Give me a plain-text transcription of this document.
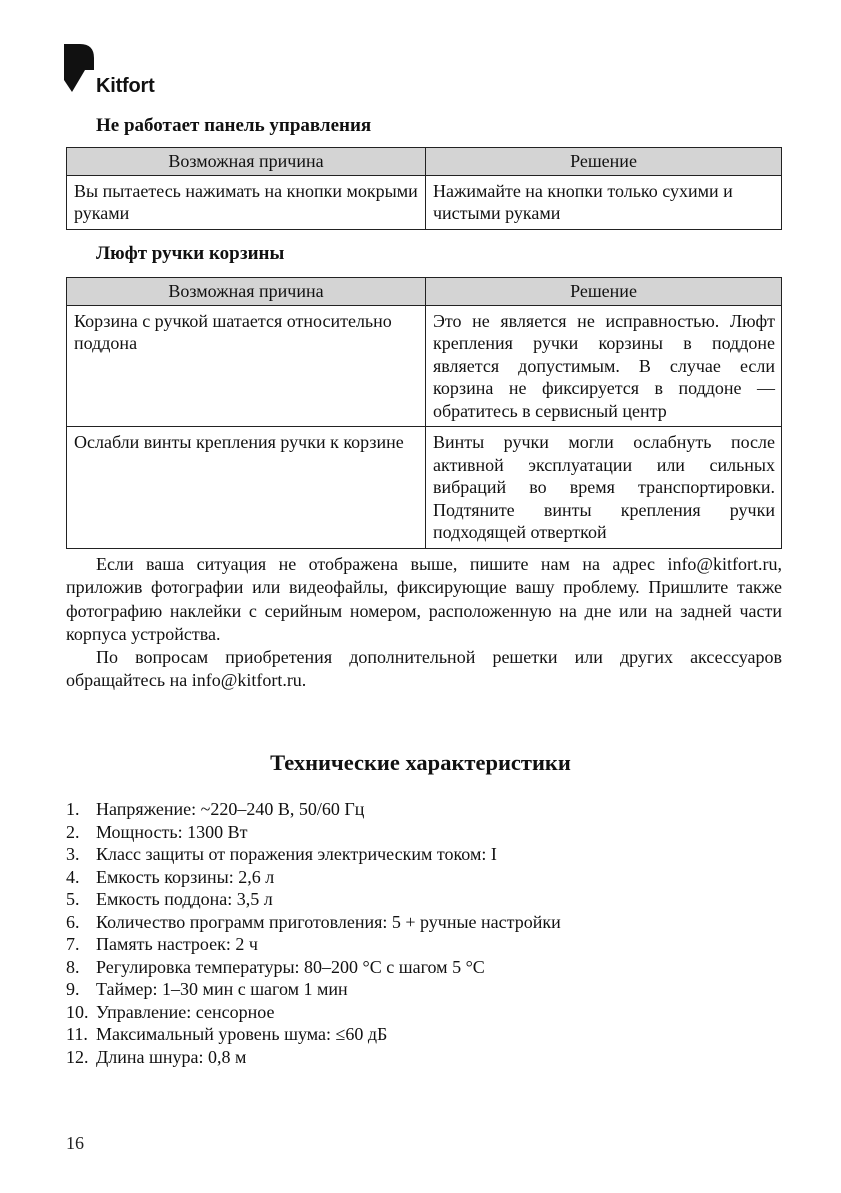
Kitfort
Не работает панель управления
Возможная причина	Решение
Вы пытаетесь нажимать на кнопки мокрыми руками	Нажимайте на кнопки только сухими и чистыми руками
Люфт ручки корзины
Возможная причина	Решение
Корзина с ручкой шатается относительно поддона	Это не является не исправностью. Люфт крепления ручки корзины в поддоне является допустимым. В случае если корзина не фиксируется в поддоне — обратитесь в сервисный центр
Ослабли винты крепления ручки к корзине	Винты ручки могли ослабнуть после активной эксплуатации или сильных вибраций во время транспортировки. Подтяните винты крепления ручки подходящей отверткой

Если ваша ситуация не отображена выше, пишите нам на адрес info@kitfort.ru, приложив фотографии или видеофайлы, фиксирующие вашу проблему. Пришлите также фотографию наклейки с серийным номером, расположенную на дне или на задней части корпуса устройства.

По вопросам приобретения дополнительной решетки или других аксессуаров обращайтесь на info@kitfort.ru.

Технические характеристики
1. Напряжение: ~220–240 В, 50/60 Гц
2. Мощность: 1300 Вт
3. Класс защиты от поражения электрическим током: I
4. Емкость корзины: 2,6 л
5. Емкость поддона: 3,5 л
6. Количество программ приготовления: 5 + ручные настройки
7. Память настроек: 2 ч
8. Регулировка температуры: 80–200 °С с шагом 5 °С
9. Таймер: 1–30 мин с шагом 1 мин
10. Управление: сенсорное
11. Максимальный уровень шума: ≤60 дБ
12. Длина шнура: 0,8 м
16
